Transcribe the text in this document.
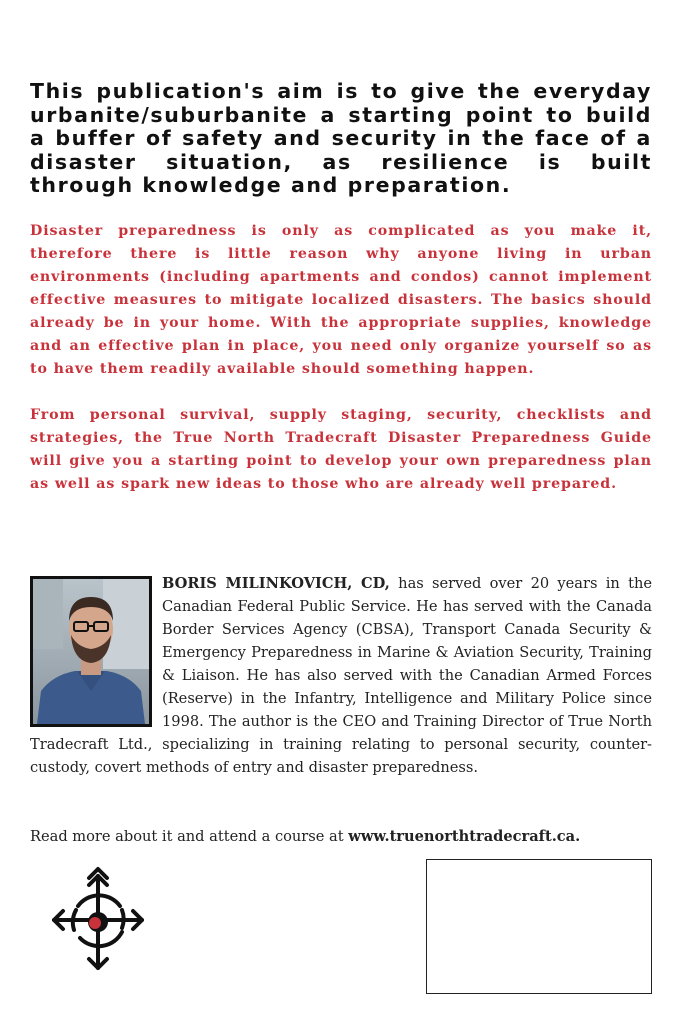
This publication's aim is to give the everyday urbanite/suburbanite a starting point to build a buffer of safety and security in the face of a disaster situation, as resilience is built through knowledge and preparation.

Disaster preparedness is only as complicated as you make it, therefore there is little reason why anyone living in urban environments (including apartments and condos) cannot implement effective measures to mitigate localized disasters. The basics should already be in your home. With the appropriate supplies, knowledge and an effective plan in place, you need only organize yourself so as to have them readily available should something happen.

From personal survival, supply staging, security, checklists and strategies, the True North Tradecraft Disaster Preparedness Guide will give you a starting point to develop your own preparedness plan as well as spark new ideas to those who are already well prepared.

BORIS MILINKOVICH, CD, has served over 20 years in the Canadian Federal Public Service. He has served with the Canada Border Services Agency (CBSA), Transport Canada Security & Emergency Preparedness in Marine & Aviation Security, Training & Liaison. He has also served with the Canadian Armed Forces (Reserve) in the Infantry, Intelligence and Military Police since 1998. The author is the CEO and Training Director of True North Tradecraft Ltd., specializing in training relating to personal security, counter-custody, covert methods of entry and disaster preparedness.

Read more about it and attend a course at www.truenorthtradecraft.ca.
